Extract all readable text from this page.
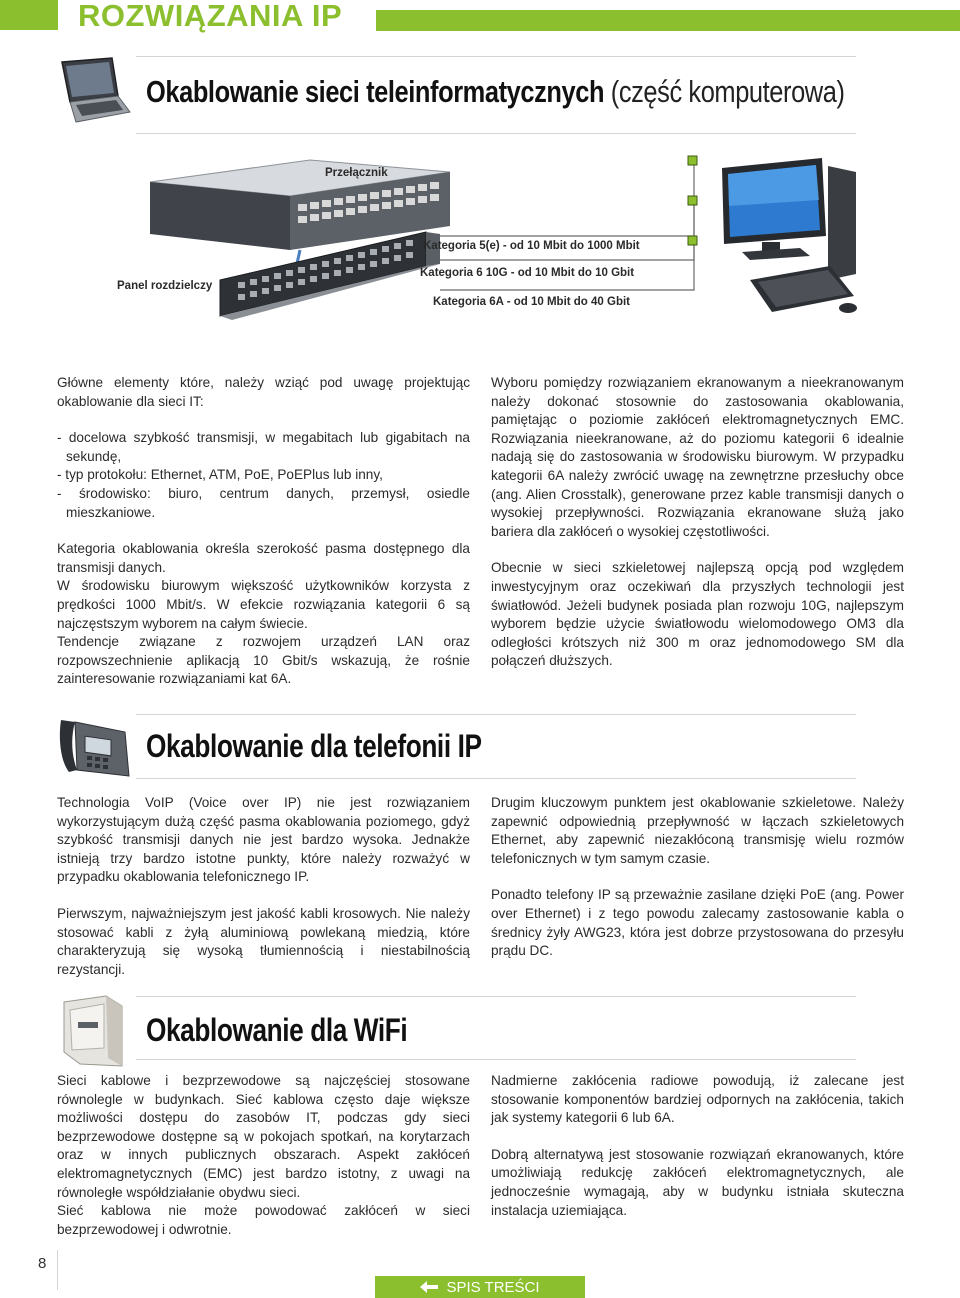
ROZWIĄZANIA IP
Okablowanie sieci teleinformatycznych (część komputerowa)
Przełącznik
Panel rozdzielczy
Kategoria 5(e) - od 10 Mbit do 1000 Mbit
Kategoria 6 10G - od 10 Mbit do 10 Gbit
Kategoria 6A - od 10 Mbit do 40 Gbit

Główne elementy które, należy wziąć pod uwagę projektując okablowanie dla sieci IT:

- docelowa szybkość transmisji, w megabitach lub gigabitach na sekundę,
- typ protokołu: Ethernet, ATM, PoE, PoEPlus lub inny,
- środowisko: biuro, centrum danych, przemysł, osiedle mieszkaniowe.

Kategoria okablowania określa szerokość pasma dostępnego dla transmisji danych.

W środowisku biurowym większość użytkowników korzysta z prędkości 1000 Mbit/s. W efekcie rozwiązania kategorii 6 są najczęstszym wyborem na całym świecie.

Tendencje związane z rozwojem urządzeń LAN oraz rozpowszechnienie aplikacją 10 Gbit/s wskazują, że rośnie zainteresowanie rozwiązaniami kat 6A.

Wyboru pomiędzy rozwiązaniem ekranowanym a nieekranowanym należy dokonać stosownie do zastosowania okablowania, pamiętając o poziomie zakłóceń elektromagnetycznych EMC. Rozwiązania nieekranowane, aż do poziomu kategorii 6 idealnie nadają się do zastosowania w środowisku biurowym. W przypadku kategorii 6A należy zwrócić uwagę na zewnętrzne przesłuchy obce (ang. Alien Crosstalk), generowane przez kable transmisji danych o wysokiej przepływności. Rozwiązania ekranowane służą jako bariera dla zakłóceń o wysokiej częstotliwości.

Obecnie w sieci szkieletowej najlepszą opcją pod względem inwestycyjnym oraz oczekiwań dla przyszłych technologii jest światłowód. Jeżeli budynek posiada plan rozwoju 10G, najlepszym wyborem będzie użycie światłowodu wielomodowego OM3 dla odległości krótszych niż 300 m oraz jednomodowego SM dla połączeń dłuższych.

Okablowanie dla telefonii IP

Technologia VoIP (Voice over IP) nie jest rozwiązaniem wykorzystującym dużą część pasma okablowania poziomego, gdyż szybkość transmisji danych nie jest bardzo wysoka. Jednakże istnieją trzy bardzo istotne punkty, które należy rozważyć w przypadku okablowania telefonicznego IP.

Pierwszym, najważniejszym jest jakość kabli krosowych. Nie należy stosować kabli z żyłą aluminiową powlekaną miedzią, które charakteryzują się wysoką tłumiennością i niestabilnością rezystancji.

Drugim kluczowym punktem jest okablowanie szkieletowe. Należy zapewnić odpowiednią przepływność w łączach szkieletowych Ethernet, aby zapewnić niezakłóconą transmisję wielu rozmów telefonicznych w tym samym czasie.

Ponadto telefony IP są przeważnie zasilane dzięki PoE (ang. Power over Ethernet) i z tego powodu zalecamy zastosowanie kabla o średnicy żyły AWG23, która jest dobrze przystosowana do przesyłu prądu DC.

Okablowanie dla WiFi

Sieci kablowe i bezprzewodowe są najczęściej stosowane równolegle w budynkach. Sieć kablowa często daje większe możliwości dostępu do zasobów IT, podczas gdy sieci bezprzewodowe dostępne są w pokojach spotkań, na korytarzach oraz w innych publicznych obszarach. Aspekt zakłóceń elektromagnetycznych (EMC) jest bardzo istotny, z uwagi na równoległe współdziałanie obydwu sieci.

Sieć kablowa nie może powodować zakłóceń w sieci bezprzewodowej i odwrotnie.

Nadmierne zakłócenia radiowe powodują, iż zalecane jest stosowanie komponentów bardziej odpornych na zakłócenia, takich jak systemy kategorii 6 lub 6A.

Dobrą alternatywą jest stosowanie rozwiązań ekranowanych, które umożliwiają redukcję zakłóceń elektromagnetycznych, ale jednocześnie wymagają, aby w budynku istniała skuteczna instalacja uziemiająca.

8
SPIS TREŚCI
